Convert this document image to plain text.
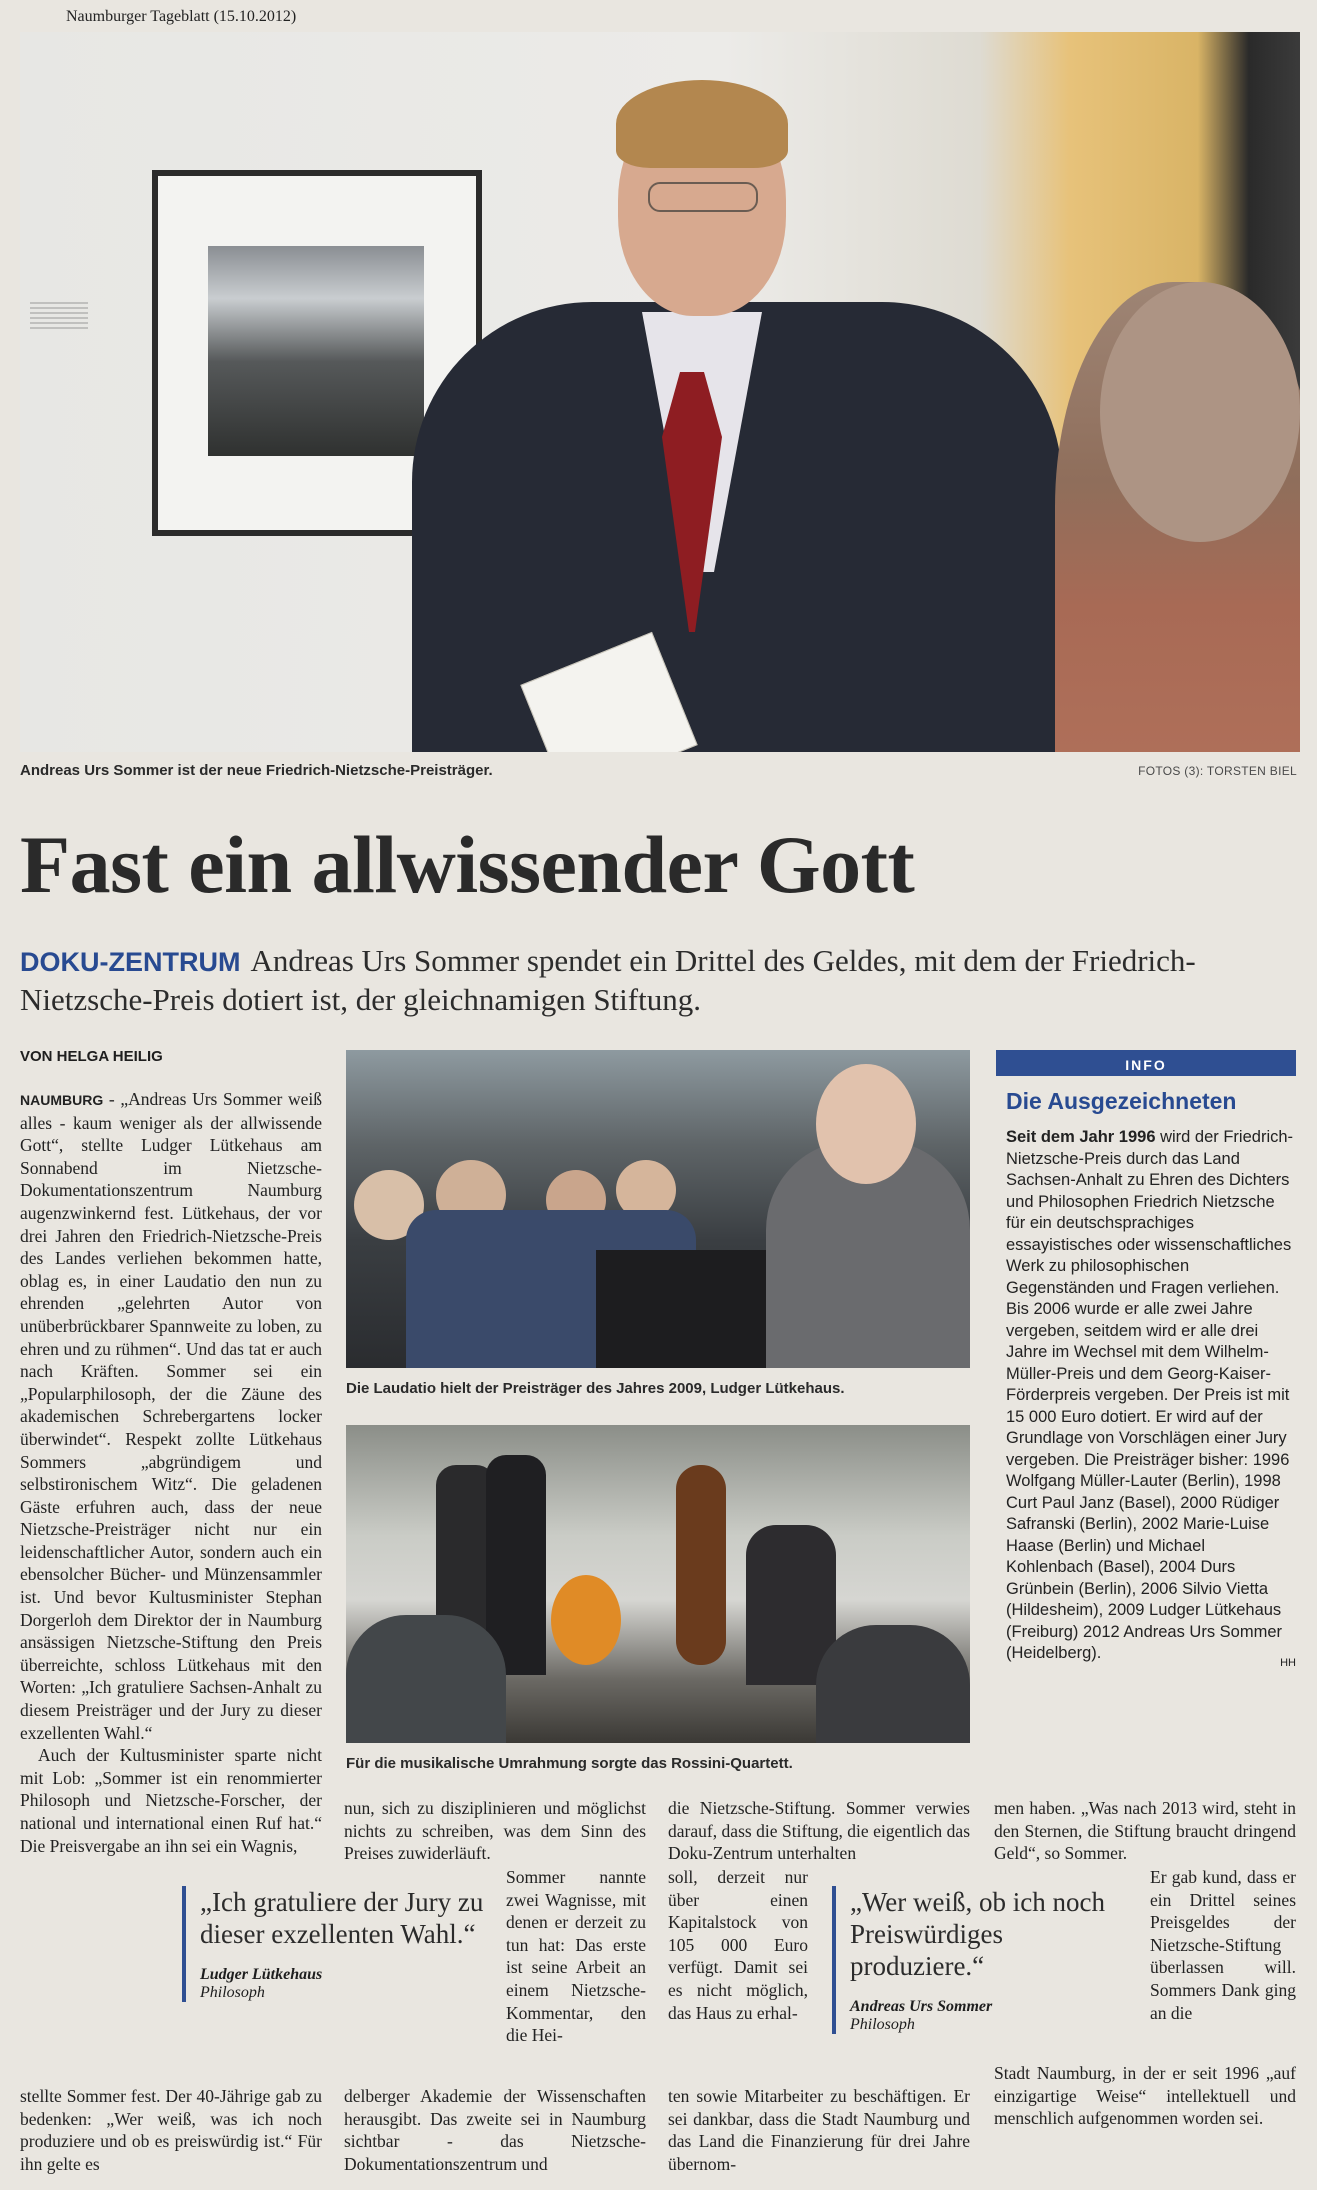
Naumburger Tageblatt (15.10.2012)
Andreas Urs Sommer ist der neue Friedrich-Nietzsche-Preisträger.	FOTOS (3): TORSTEN BIEL
Fast ein allwissender Gott
DOKU-ZENTRUM Andreas Urs Sommer spendet ein Drittel des Geldes, mit dem der Friedrich-Nietzsche-Preis dotiert ist, der gleichnamigen Stiftung.
VON HELGA HEILIG

NAUMBURG - „Andreas Urs Sommer weiß alles - kaum weniger als der allwissende Gott“, stellte Ludger Lütkehaus am Sonnabend im Nietzsche-Dokumentationszentrum Naumburg augenzwinkernd fest. Lütkehaus, der vor drei Jahren den Friedrich-Nietzsche-Preis des Landes verliehen bekommen hatte, oblag es, in einer Laudatio den nun zu ehrenden „gelehrten Autor von unüberbrückbarer Spannweite zu loben, zu ehren und zu rühmen“. Und das tat er auch nach Kräften. Sommer sei ein „Popularphilosoph, der die Zäune des akademischen Schrebergartens locker überwindet“. Respekt zollte Lütkehaus Sommers „abgründigem und selbstironischem Witz“. Die geladenen Gäste erfuhren auch, dass der neue Nietzsche-Preisträger nicht nur ein leidenschaftlicher Autor, sondern auch ein ebensolcher Bücher- und Münzensammler ist. Und bevor Kultusminister Stephan Dorgerloh dem Direktor der in Naumburg ansässigen Nietzsche-Stiftung den Preis überreichte, schloss Lütkehaus mit den Worten: „Ich gratuliere Sachsen-Anhalt zu diesem Preisträger und der Jury zu dieser exzellenten Wahl.“

Auch der Kultusminister sparte nicht mit Lob: „Sommer ist ein renommierter Philosoph und Nietzsche-Forscher, der national und international einen Ruf hat.“ Die Preisvergabe an ihn sei ein Wagnis,

Die Laudatio hielt der Preisträger des Jahres 2009, Ludger Lütkehaus.
Für die musikalische Umrahmung sorgte das Rossini-Quartett.
INFO
Die Ausgezeichneten
Seit dem Jahr 1996 wird der Friedrich-Nietzsche-Preis durch das Land Sachsen-Anhalt zu Ehren des Dichters und Philosophen Friedrich Nietzsche für ein deutschsprachiges essayistisches oder wissenschaftliches Werk zu philosophischen Gegenständen und Fragen verliehen. Bis 2006 wurde er alle zwei Jahre vergeben, seitdem wird er alle drei Jahre im Wechsel mit dem Wilhelm-Müller-Preis und dem Georg-Kaiser-Förderpreis vergeben. Der Preis ist mit 15 000 Euro dotiert. Er wird auf der Grundlage von Vorschlägen einer Jury vergeben. Die Preisträger bisher: 1996 Wolfgang Müller-Lauter (Berlin), 1998 Curt Paul Janz (Basel), 2000 Rüdiger Safranski (Berlin), 2002 Marie-Luise Haase (Berlin) und Michael Kohlenbach (Basel), 2004 Durs Grünbein (Berlin), 2006 Silvio Vietta (Hildesheim), 2009 Ludger Lütkehaus (Freiburg) 2012 Andreas Urs Sommer (Heidelberg).
HH
stellte Sommer fest. Der 40-Jährige gab zu bedenken: „Wer weiß, was ich noch produziere und ob es preiswürdig ist.“ Für ihn gelte es
„Ich gratuliere der Jury zu dieser exzellenten Wahl.“
Ludger Lütkehaus
Philosoph
nun, sich zu disziplinieren und möglichst nichts zu schreiben, was dem Sinn des Preises zuwiderläuft.
Sommer nannte zwei Wagnisse, mit denen er derzeit zu tun hat: Das erste ist seine Arbeit an einem Nietzsche-Kommentar, den die Hei-
delberger Akademie der Wissenschaften herausgibt. Das zweite sei in Naumburg sichtbar - das Nietzsche-Dokumentationszentrum und
die Nietzsche-Stiftung. Sommer verwies darauf, dass die Stiftung, die eigentlich das Doku-Zentrum unterhalten
soll, derzeit nur über einen Kapitalstock von 105 000 Euro verfügt. Damit sei es nicht möglich, das Haus zu erhal-
ten sowie Mitarbeiter zu beschäftigen. Er sei dankbar, dass die Stadt Naumburg und das Land die Finanzierung für drei Jahre übernom-
„Wer weiß, ob ich noch Preiswürdiges produziere.“
Andreas Urs Sommer
Philosoph
men haben. „Was nach 2013 wird, steht in den Sternen, die Stiftung braucht dringend Geld“, so Sommer.
Er gab kund, dass er ein Drittel seines Preisgeldes der Nietzsche-Stiftung überlassen will. Sommers Dank ging an die
Stadt Naumburg, in der er seit 1996 „auf einzigartige Weise“ intellektuell und menschlich aufgenommen worden sei.
